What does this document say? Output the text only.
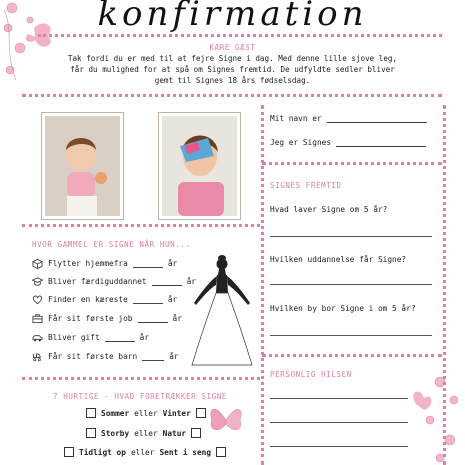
konfirmation
KÆRE GÆST
Tak fordi du er med til at fejre Signe i dag. Med denne lille sjove leg, får du mulighed for at spå om Signes fremtid. De udfyldte sedler bliver gemt til Signes 18 års fødselsdag.
Mit navn er
Jeg er Signes
SIGNES FREMTID
Hvad laver Signe om 5 år?
Hvilken uddannelse får Signe?
Hvilken by bor Signe i om 5 år?
PERSONLIG HILSEN
HVOR GAMMEL ER SIGNE NÅR HUN...
Flytter hjemmefra	år
Bliver færdiguddannet	år
Finder en kæreste	år
Får sit første job	år
Bliver gift	år
Får sit første barn	år
7 HURTIGE - HVAD FORETRÆKKER SIGNE
Sommer eller Vinter
Storby eller Natur
Tidligt op eller Sent i seng
